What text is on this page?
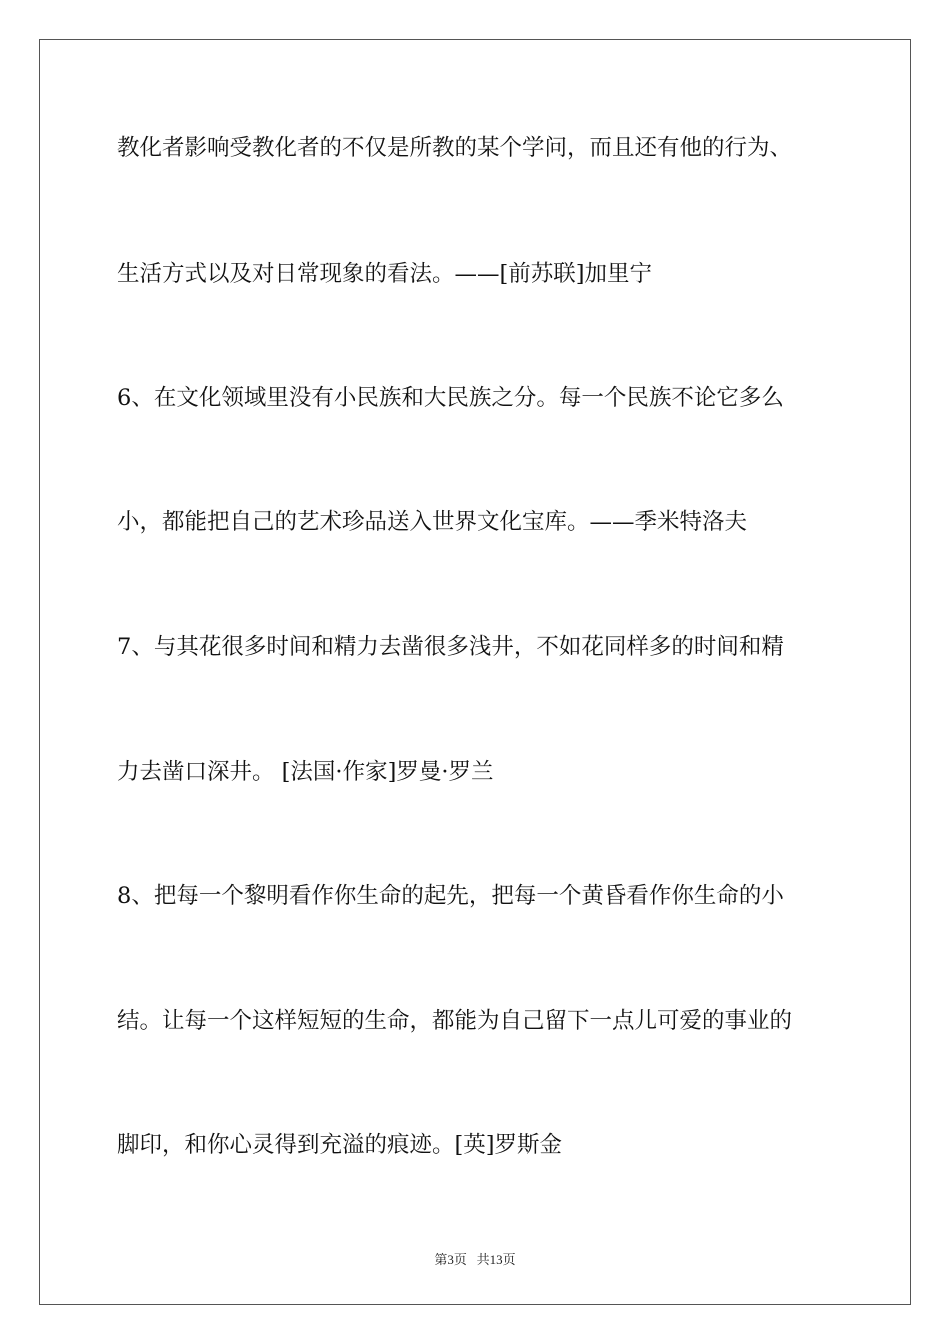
教化者影响受教化者的不仅是所教的某个学问，而且还有他的行为、
生活方式以及对日常现象的看法。——[前苏联]加里宁
6、在文化领域里没有小民族和大民族之分。每一个民族不论它多么
小，都能把自己的艺术珍品送入世界文化宝库。——季米特洛夫
7、与其花很多时间和精力去凿很多浅井，不如花同样多的时间和精
力去凿口深井。 [法国·作家]罗曼·罗兰
8、把每一个黎明看作你生命的起先，把每一个黄昏看作你生命的小
结。让每一个这样短短的生命，都能为自己留下一点儿可爱的事业的
脚印，和你心灵得到充溢的痕迹。[英]罗斯金
第3页   共13页
